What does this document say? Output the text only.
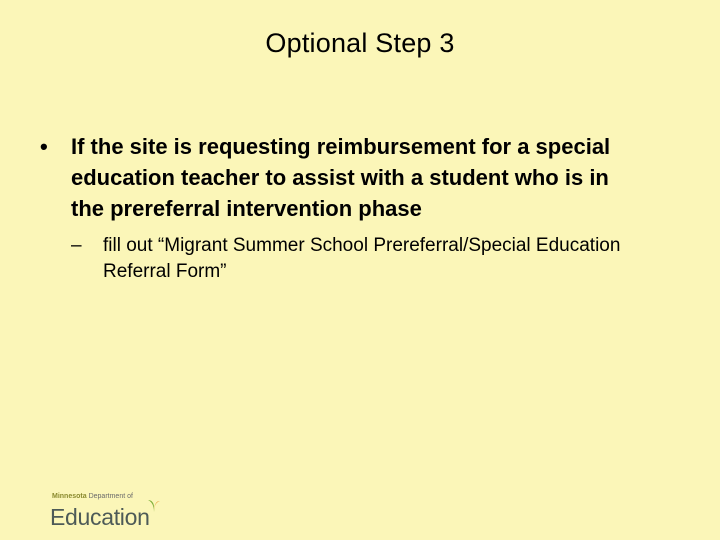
Optional Step 3
•	If the site is requesting reimbursement for a special education teacher to assist with a student who is in the prereferral intervention phase
–	fill out “Migrant Summer School Prereferral/Special Education Referral Form”
Minnesota Department of
Education
